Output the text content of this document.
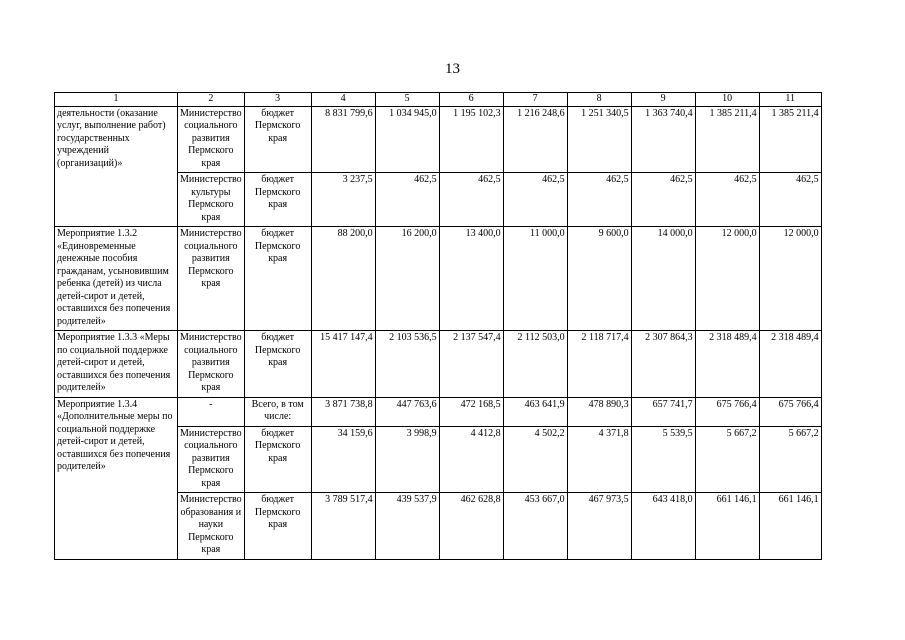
13
1	2	3	4	5	6	7	8	9	10	11
деятельности (оказание услуг, выполнение работ) государственных учреждений (организаций)»	Министерство социального развития Пермского края	бюджет Пермского края	8 831 799,6	1 034 945,0	1 195 102,3	1 216 248,6	1 251 340,5	1 363 740,4	1 385 211,4	1 385 211,4
	Министерство культуры Пермского края	бюджет Пермского края	3 237,5	462,5	462,5	462,5	462,5	462,5	462,5	462,5
Мероприятие 1.3.2 «Единовременные денежные пособия гражданам, усыновившим ребенка (детей) из числа детей-сирот и детей, оставшихся без попечения родителей»	Министерство социального развития Пермского края	бюджет Пермского края	88 200,0	16 200,0	13 400,0	11 000,0	9 600,0	14 000,0	12 000,0	12 000,0
Мероприятие 1.3.3 «Меры по социальной поддержке детей-сирот и детей, оставшихся без попечения родителей»	Министерство социального развития Пермского края	бюджет Пермского края	15 417 147,4	2 103 536,5	2 137 547,4	2 112 503,0	2 118 717,4	2 307 864,3	2 318 489,4	2 318 489,4
Мероприятие 1.3.4 «Дополнительные меры по социальной поддержке детей-сирот и детей, оставшихся без попечения родителей»	-	Всего, в том числе:	3 871 738,8	447 763,6	472 168,5	463 641,9	478 890,3	657 741,7	675 766,4	675 766,4
	Министерство социального развития Пермского края	бюджет Пермского края	34 159,6	3 998,9	4 412,8	4 502,2	4 371,8	5 539,5	5 667,2	5 667,2
	Министерство образования и науки Пермского края	бюджет Пермского края	3 789 517,4	439 537,9	462 628,8	453 667,0	467 973,5	643 418,0	661 146,1	661 146,1
